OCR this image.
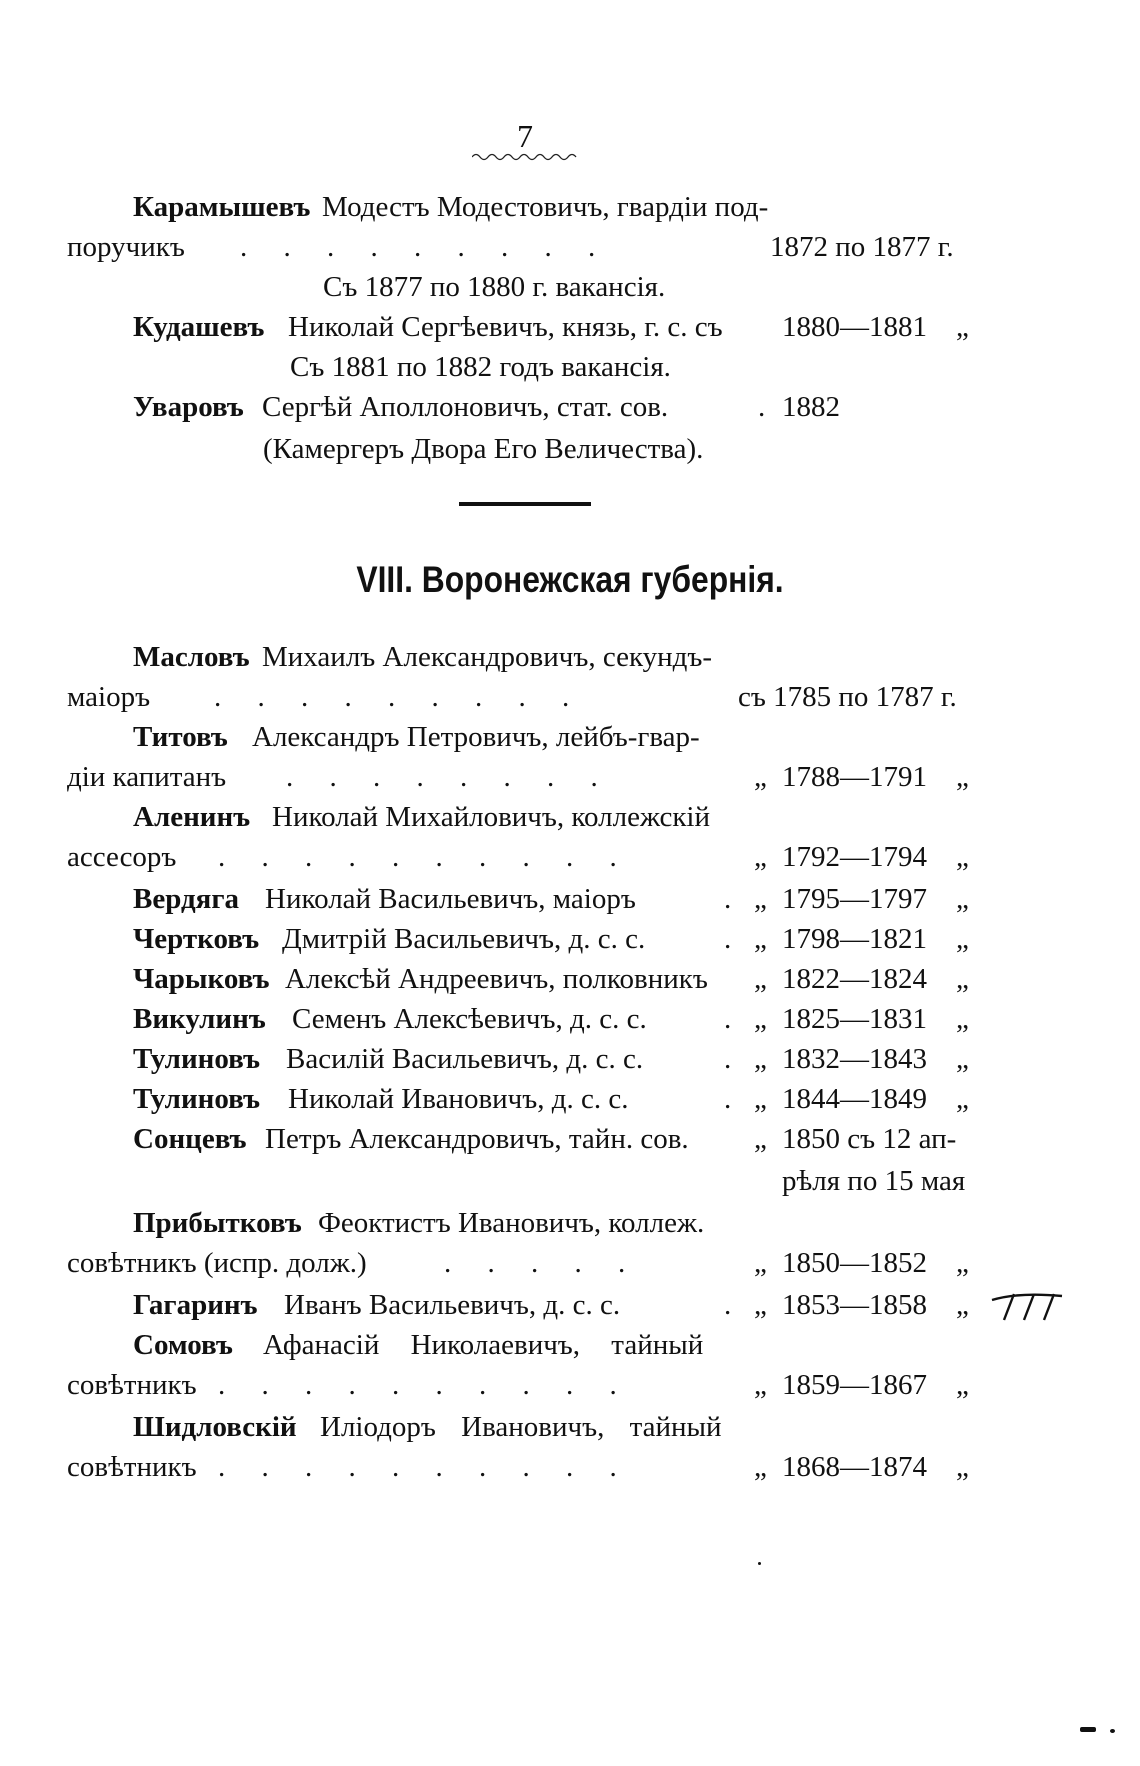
7
Карамышевъ Модестъ Модестовичъ, гвардіи под-
поручикъ .     .     .     .     .     .     .     .     .	1872 по 1877 г.
Съ 1877 по 1880 г. вакансія.
Кудашевъ Николай Сергѣевичъ, князь, г. с. съ 1880—1881 „
Съ 1881 по 1882 годъ вакансія.
Уваровъ Сергѣй Аполлоновичъ, стат. сов.	. 1882
(Камергеръ Двора Его Величества).
VIII. Воронежская губернія.
Масловъ Михаилъ Александровичъ, секундъ-
маіоръ .     .     .     .     .     .     .     .     .	съ 1785 по 1787 г.
Титовъ Александръ Петровичъ, лейбъ-гвар-
діи капитанъ .     .     .     .     .     .     .     .	„ 1788—1791 „
Аленинъ Николай Михайловичъ, коллежскій
ассесоръ .     .     .     .     .     .     .     .     .     .	„ 1792—1794 „
Вердяга Николай Васильевичъ, маіоръ	. „ 1795—1797 „
Чертковъ Дмитрій Васильевичъ, д. с. с.	. „ 1798—1821 „
Чарыковъ Алексѣй Андреевичъ, полковникъ „ 1822—1824 „
Викулинъ Семенъ Алексѣевичъ, д. с. с.	. „ 1825—1831 „
Тулиновъ Василій Васильевичъ, д. с. с.	. „ 1832—1843 „
Тулиновъ Николай Ивановичъ, д. с. с.	. „ 1844—1849 „
Сонцевъ Петръ Александровичъ, тайн. сов. „ 1850 съ 12 ап-
рѣля по 15 мая
Прибытковъ Феоктистъ Ивановичъ, коллеж.
совѣтникъ (испр. долж.)	.     .     .     .     .	„ 1850—1852 „
Гагаринъ Иванъ Васильевичъ, д. с. с.	. „ 1853—1858 „
Сомовъ Афанасій Николаевичъ, тайный
совѣтникъ .     .     .     .     .     .     .     .     .     .	„ 1859—1867 „
Шидловскій Иліодоръ Ивановичъ, тайный
совѣтникъ .     .     .     .     .     .     .     .     .     .	„ 1868—1874 „
